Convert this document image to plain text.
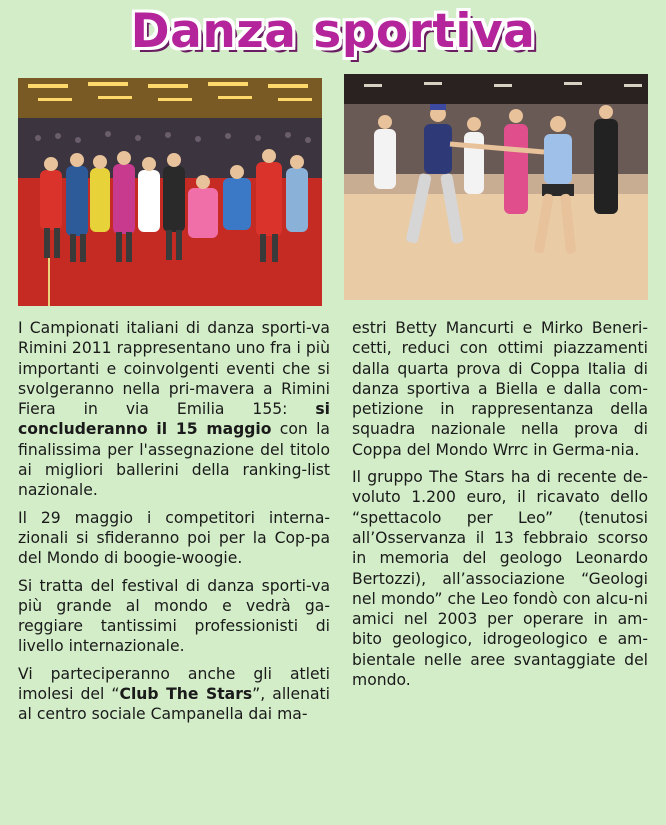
Danza sportiva

I Campionati italiani di danza sporti-va Rimini 2011 rappresentano uno fra i più importanti e coinvolgenti eventi che si svolgeranno nella pri-mavera a Rimini Fiera in via Emilia 155: si concluderanno il 15 maggio con la finalissima per l'assegnazione del titolo ai migliori ballerini della ranking-list nazionale.

Il 29 maggio i competitori interna-zionali si sfideranno poi per la Cop-pa del Mondo di boogie-woogie.

Si tratta del festival di danza sporti-va più grande al mondo e vedrà ga-reggiare tantissimi professionisti di livello internazionale.

Vi parteciperanno anche gli atleti imolesi del “Club The Stars”, allenati al centro sociale Campanella dai ma-

estri Betty Mancurti e Mirko Beneri-cetti, reduci con ottimi piazzamenti dalla quarta prova di Coppa Italia di danza sportiva a Biella e dalla com-petizione in rappresentanza della squadra nazionale nella prova di Coppa del Mondo Wrrc in Germa-nia.

Il gruppo The Stars ha di recente de-voluto 1.200 euro, il ricavato dello “spettacolo per Leo” (tenutosi all’Osservanza il 13 febbraio scorso in memoria del geologo Leonardo Bertozzi), all’associazione “Geologi nel mondo” che Leo fondò con alcu-ni amici nel 2003 per operare in am-bito geologico, idrogeologico e am-bientale nelle aree svantaggiate del mondo.
